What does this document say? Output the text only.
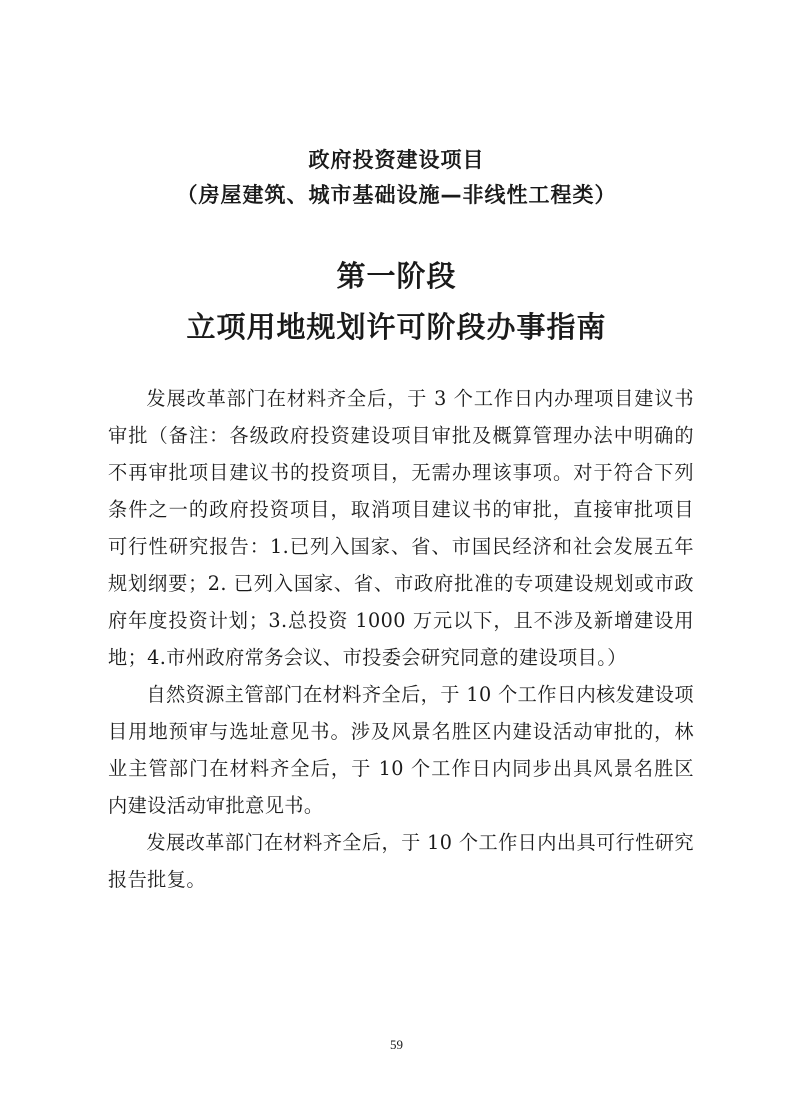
政府投资建设项目
（房屋建筑、城市基础设施—非线性工程类）
第一阶段
立项用地规划许可阶段办事指南

发展改革部门在材料齐全后，于 3 个工作日内办理项目建议书审批（备注：各级政府投资建设项目审批及概算管理办法中明确的不再审批项目建议书的投资项目，无需办理该事项。对于符合下列条件之一的政府投资项目，取消项目建议书的审批，直接审批项目可行性研究报告：1.已列入国家、省、市国民经济和社会发展五年规划纲要；2. 已列入国家、省、市政府批准的专项建设规划或市政府年度投资计划；3.总投资 1000 万元以下，且不涉及新增建设用地；4.市州政府常务会议、市投委会研究同意的建设项目。）

自然资源主管部门在材料齐全后，于 10 个工作日内核发建设项目用地预审与选址意见书。涉及风景名胜区内建设活动审批的，林业主管部门在材料齐全后，于 10 个工作日内同步出具风景名胜区内建设活动审批意见书。

发展改革部门在材料齐全后，于 10 个工作日内出具可行性研究报告批复。

59
